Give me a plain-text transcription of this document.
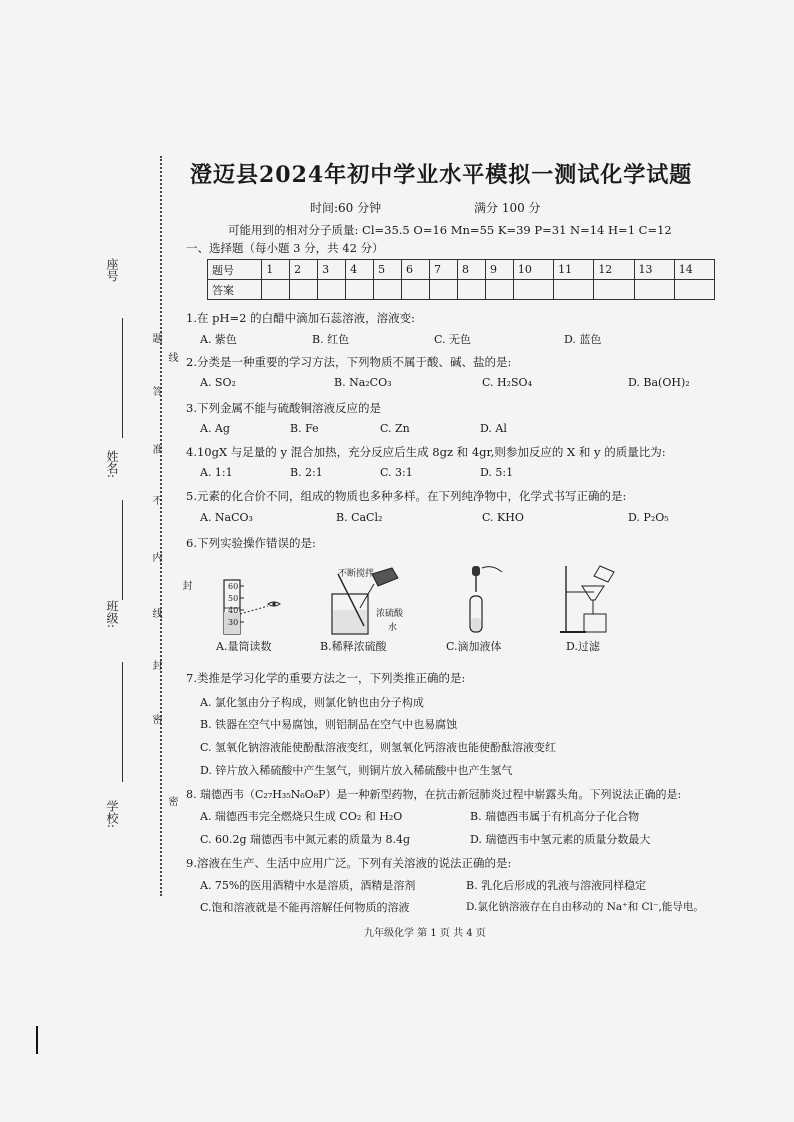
座号
姓名:
班级:
学校:
题
答
准
不
内
线
封
密
线
封
密
澄迈县2024年初中学业水平模拟一测试化学试题
时间:60 分钟	满分 100 分
可能用到的相对分子质量: Cl=35.5 O=16 Mn=55 K=39 P=31 N=14 H=1 C=12
一、选择题（每小题 3 分，共 42 分）
题号	1	2	3	4	5	6	7	8	9	10	11	12	13	14
答案														
1.在 pH=2 的白醋中滴加石蕊溶液，溶液变:
A. 紫色	B. 红色	C. 无色	D. 蓝色
2.分类是一种重要的学习方法，下列物质不属于酸、碱、盐的是:
A. SO₂	B. Na₂CO₃	C. H₂SO₄	D. Ba(OH)₂
3.下列金属不能与硫酸铜溶液反应的是
A. Ag	B. Fe	C. Zn	D. Al
4.10gX 与足量的 y 混合加热，充分反应后生成 8gz 和 4gr,则参加反应的 X 和 y 的质量比为:
A. 1:1	B. 2:1	C. 3:1	D. 5:1
5.元素的化合价不同，组成的物质也多种多样。在下列纯净物中，化学式书写正确的是:
A. NaCO₃	B. CaCl₂	C. KHO	D. P₂O₅
6.下列实验操作错误的是:
60
50
40
30
A.量筒读数
不断搅拌
浓硫酸
水
B.稀释浓硫酸	C.滴加液体	D.过滤
7.类推是学习化学的重要方法之一，下列类推正确的是:
A. 氯化氢由分子构成，则氯化钠也由分子构成
B. 铁器在空气中易腐蚀，则铝制品在空气中也易腐蚀
C. 氢氧化钠溶液能使酚酞溶液变红，则氢氧化钙溶液也能使酚酞溶液变红
D. 锌片放入稀硫酸中产生氢气，则铜片放入稀硫酸中也产生氢气
8. 瑞德西韦（C₂₇H₃₅N₆O₈P）是一种新型药物，在抗击新冠肺炎过程中崭露头角。下列说法正确的是:
A. 瑞德西韦完全燃烧只生成 CO₂ 和 H₂O	B. 瑞德西韦属于有机高分子化合物
C. 60.2g 瑞德西韦中氮元素的质量为 8.4g	D. 瑞德西韦中氢元素的质量分数最大
9.溶液在生产、生活中应用广泛。下列有关溶液的说法正确的是:
A. 75%的医用酒精中水是溶质，酒精是溶剂	B. 乳化后形成的乳液与溶液同样稳定
C.饱和溶液就是不能再溶解任何物质的溶液	D.氯化钠溶液存在自由移动的 Na⁺和 Cl⁻,能导电。
九年级化学 第 1 页 共 4 页
